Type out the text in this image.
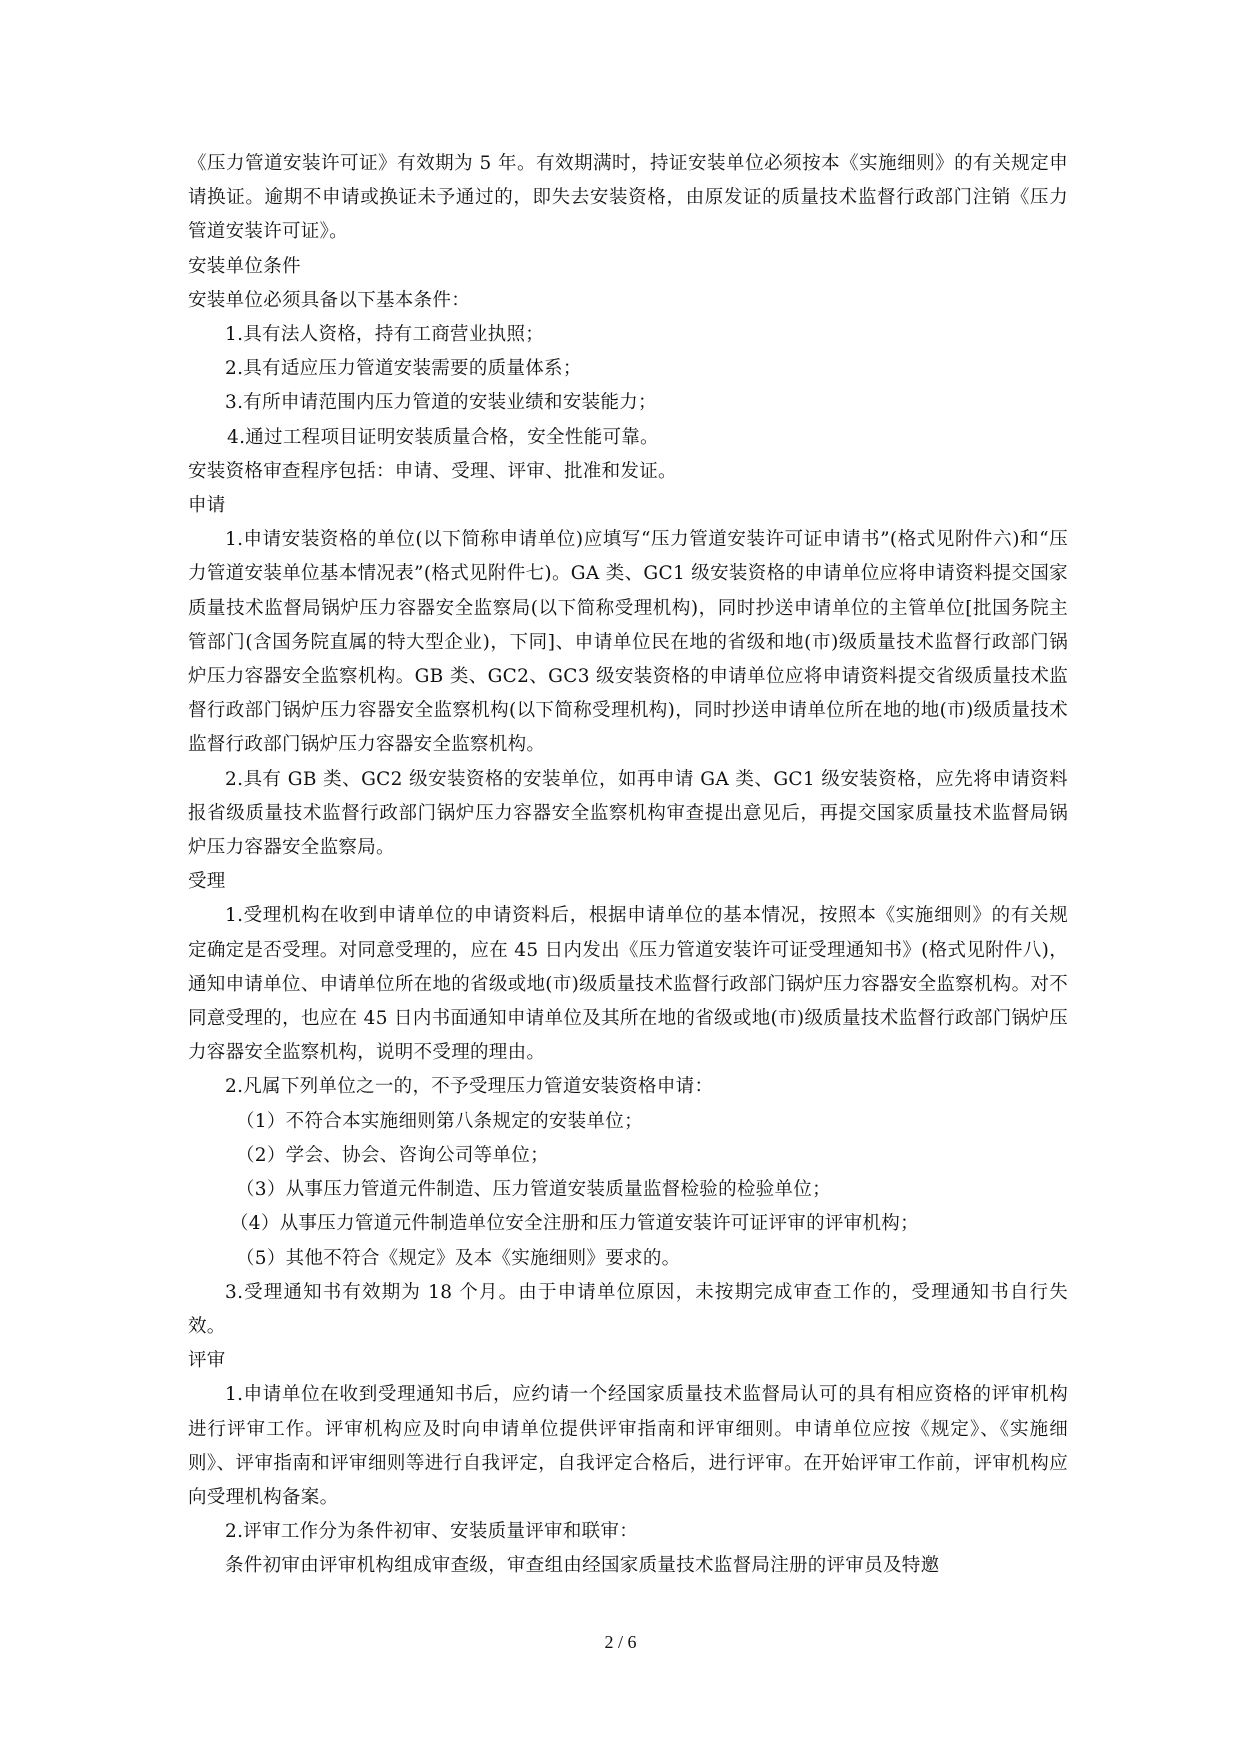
《压力管道安装许可证》有效期为 5 年。有效期满时，持证安装单位必须按本《实施细则》的有关规定申请换证。逾期不申请或换证未予通过的，即失去安装资格，由原发证的质量技术监督行政部门注销《压力管道安装许可证》。

安装单位条件

安装单位必须具备以下基本条件：

1.具有法人资格，持有工商营业执照；

2.具有适应压力管道安装需要的质量体系；

3.有所申请范围内压力管道的安装业绩和安装能力；

4.通过工程项目证明安装质量合格，安全性能可靠。

安装资格审查程序包括：申请、受理、评审、批准和发证。

申请

1.申请安装资格的单位(以下简称申请单位)应填写“压力管道安装许可证申请书”(格式见附件六)和“压力管道安装单位基本情况表”(格式见附件七)。GA 类、GC1 级安装资格的申请单位应将申请资料提交国家质量技术监督局锅炉压力容器安全监察局(以下简称受理机构)，同时抄送申请单位的主管单位[批国务院主管部门(含国务院直属的特大型企业)，下同]、申请单位民在地的省级和地(市)级质量技术监督行政部门锅炉压力容器安全监察机构。GB 类、GC2、GC3 级安装资格的申请单位应将申请资料提交省级质量技术监督行政部门锅炉压力容器安全监察机构(以下简称受理机构)，同时抄送申请单位所在地的地(市)级质量技术监督行政部门锅炉压力容器安全监察机构。

2.具有 GB 类、GC2 级安装资格的安装单位，如再申请 GA 类、GC1 级安装资格，应先将申请资料报省级质量技术监督行政部门锅炉压力容器安全监察机构审查提出意见后，再提交国家质量技术监督局锅炉压力容器安全监察局。

受理

1.受理机构在收到申请单位的申请资料后，根据申请单位的基本情况，按照本《实施细则》的有关规定确定是否受理。对同意受理的，应在 45 日内发出《压力管道安装许可证受理通知书》(格式见附件八)，通知申请单位、申请单位所在地的省级或地(市)级质量技术监督行政部门锅炉压力容器安全监察机构。对不同意受理的，也应在 45 日内书面通知申请单位及其所在地的省级或地(市)级质量技术监督行政部门锅炉压力容器安全监察机构，说明不受理的理由。

2.凡属下列单位之一的，不予受理压力管道安装资格申请：

（1）不符合本实施细则第八条规定的安装单位；

（2）学会、协会、咨询公司等单位；

（3）从事压力管道元件制造、压力管道安装质量监督检验的检验单位；

（4）从事压力管道元件制造单位安全注册和压力管道安装许可证评审的评审机构；

（5）其他不符合《规定》及本《实施细则》要求的。

3.受理通知书有效期为 18 个月。由于申请单位原因，未按期完成审查工作的，受理通知书自行失效。

评审

1.申请单位在收到受理通知书后，应约请一个经国家质量技术监督局认可的具有相应资格的评审机构进行评审工作。评审机构应及时向申请单位提供评审指南和评审细则。申请单位应按《规定》、《实施细则》、评审指南和评审细则等进行自我评定，自我评定合格后，进行评审。在开始评审工作前，评审机构应向受理机构备案。

2.评审工作分为条件初审、安装质量评审和联审：

条件初审由评审机构组成审查级，审查组由经国家质量技术监督局注册的评审员及特邀

2 / 6
